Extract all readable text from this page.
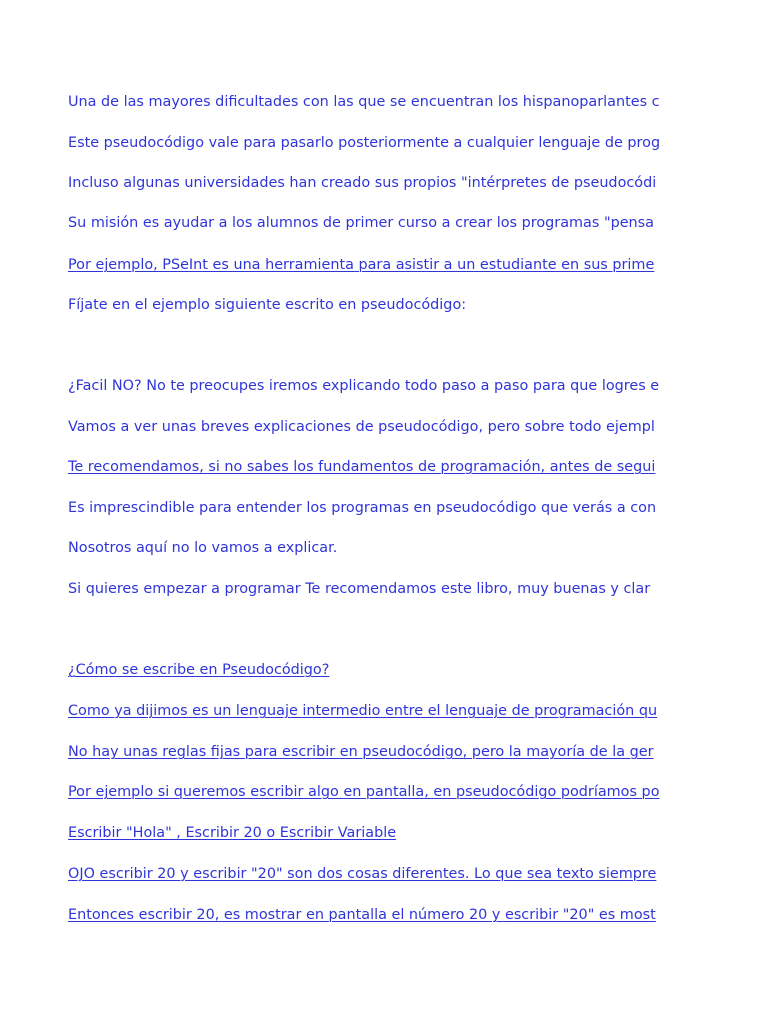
Una de las mayores dificultades con las que se encuentran los hispanoparlantes c
Este pseudocódigo vale para pasarlo posteriormente a cualquier lenguaje de prog
Incluso algunas universidades han creado sus propios "intérpretes de pseudocódi
Su misión es ayudar a los alumnos de primer curso a crear los programas "pensa
Por ejemplo, PSeInt es una herramienta para asistir a un estudiante en sus prime
Fíjate en el ejemplo siguiente escrito en pseudocódigo:
¿Facil NO? No te preocupes iremos explicando todo paso a paso para que logres e
Vamos a ver unas breves explicaciones de pseudocódigo, pero sobre todo ejempl
Te recomendamos, si no sabes los fundamentos de programación, antes de segui
Es imprescindible para entender los programas en pseudocódigo que verás a con
Nosotros aquí no lo vamos a explicar.
Si quieres empezar a programar Te recomendamos este libro, muy buenas y clar
¿Cómo se escribe en Pseudocódigo?
Como ya dijimos es un lenguaje intermedio entre el lenguaje de programación qu
No hay unas reglas fijas para escribir en pseudocódigo, pero la mayoría de la ger
Por ejemplo si queremos escribir algo en pantalla, en pseudocódigo podríamos po
Escribir "Hola" , Escribir 20 o Escribir Variable
OJO escribir 20 y escribir "20" son dos cosas diferentes. Lo que sea texto siempre
Entonces escribir 20, es mostrar en pantalla el número 20 y escribir "20" es most
